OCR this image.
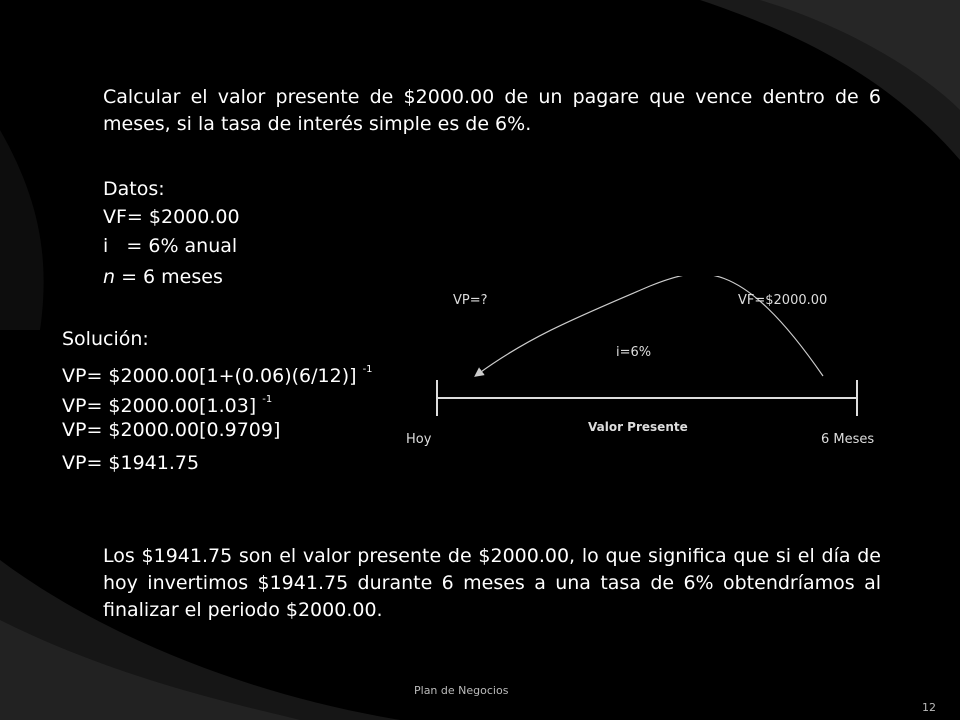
Calcular el valor presente de $2000.00 de un pagare que vence dentro de 6 meses, si la tasa de interés simple es de 6%.
Datos:
VF= $2000.00
i   = 6% anual
n = 6 meses
Solución:
VP= $2000.00[1+(0.06)(6/12)] $^{-1}$
VP= $2000.00[1.03] $^{-1}$
VP= $2000.00[0.9709]
VP= $1941.75
VP=?	VF=$2000.00
i=6%
Hoy	6 Meses
Valor Presente
Los $1941.75 son el valor presente de $2000.00, lo que significa que si el día de hoy invertimos $1941.75 durante 6 meses a una tasa de 6% obtendríamos al finalizar el periodo $2000.00.
Plan de Negocios
12
